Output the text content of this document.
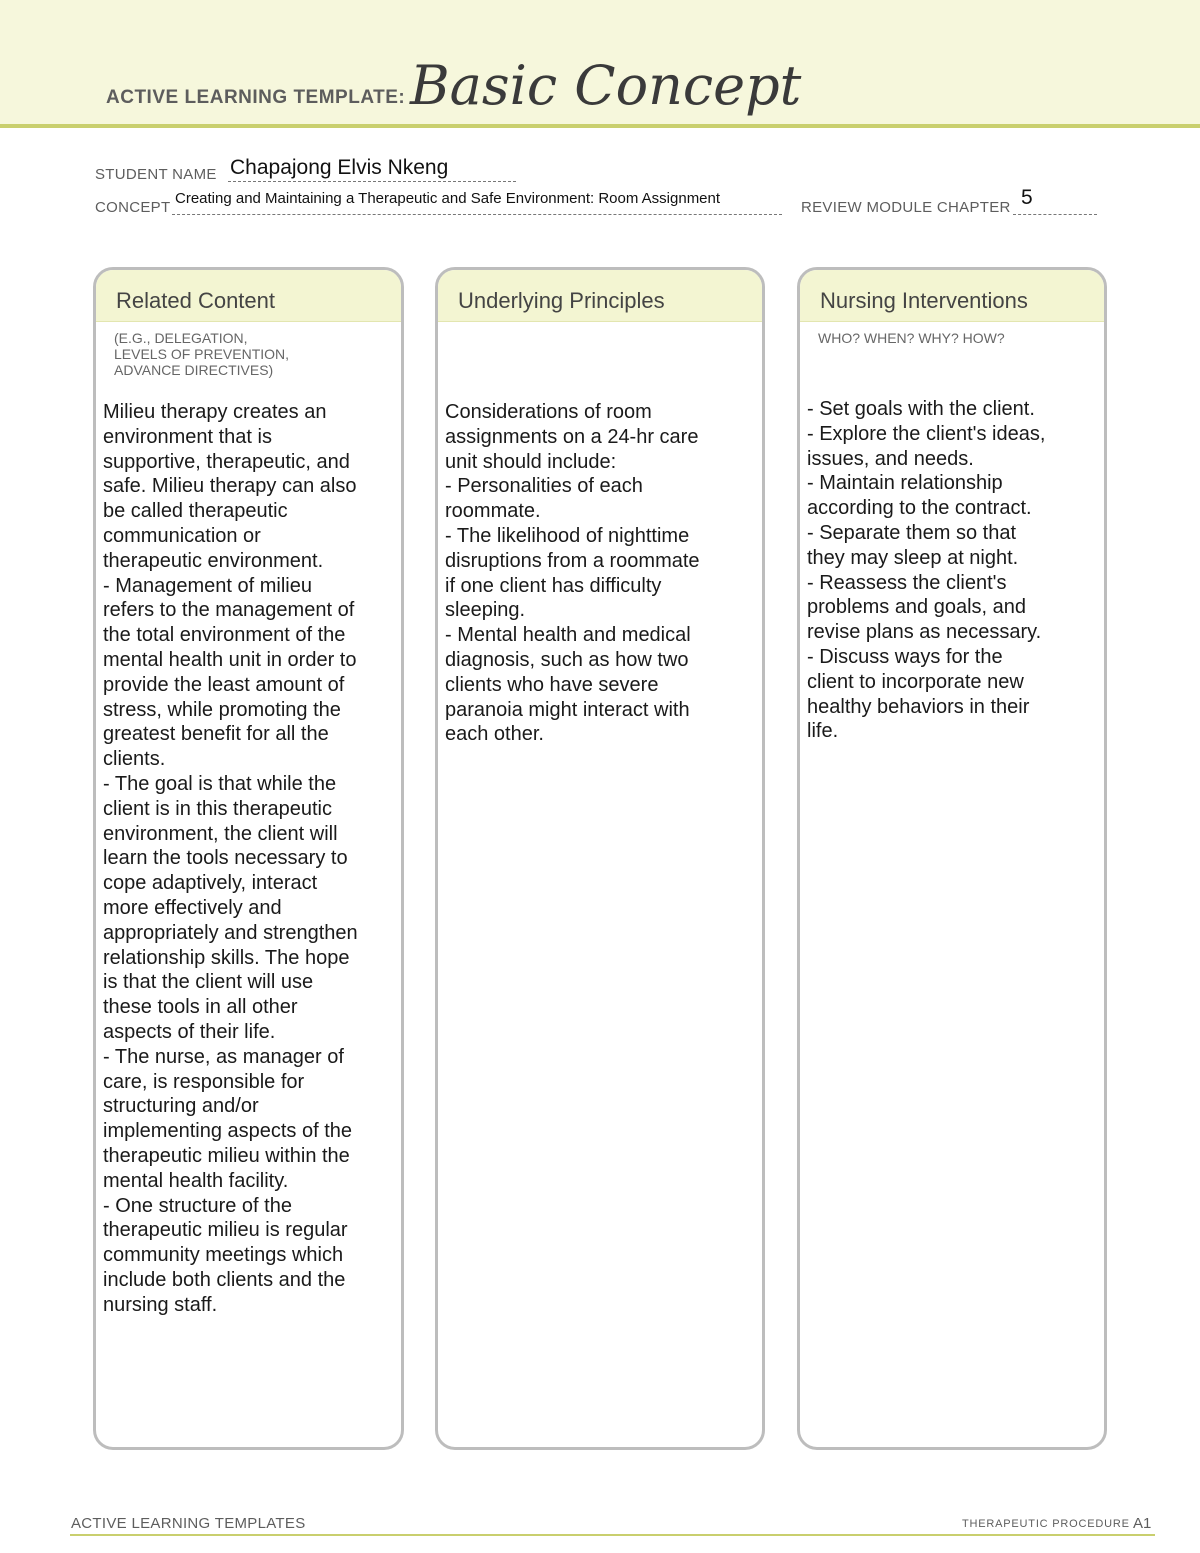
ACTIVE LEARNING TEMPLATE: Basic Concept
STUDENT NAME Chapajong Elvis Nkeng
CONCEPT
Creating and Maintaining a Therapeutic and Safe Environment: Room Assignment
REVIEW MODULE CHAPTER 5
Related Content
(E.G., DELEGATION,
LEVELS OF PREVENTION,
ADVANCE DIRECTIVES)
Milieu therapy creates an
environment that is
supportive, therapeutic, and
safe. Milieu therapy can also
be called therapeutic
communication or
therapeutic environment.
- Management of milieu
refers to the management of
the total environment of the
mental health unit in order to
provide the least amount of
stress, while promoting the
greatest benefit for all the
clients.
- The goal is that while the
client is in this therapeutic
environment, the client will
learn the tools necessary to
cope adaptively, interact
more effectively and
appropriately and strengthen
relationship skills. The hope
is that the client will use
these tools in all other
aspects of their life.
- The nurse, as manager of
care, is responsible for
structuring and/or
implementing aspects of the
therapeutic milieu within the
mental health facility.
- One structure of the
therapeutic milieu is regular
community meetings which
include both clients and the
nursing staff.
Underlying Principles
Considerations of room
assignments on a 24-hr care
unit should include:
- Personalities of each
roommate.
- The likelihood of nighttime
disruptions from a roommate
if one client has difficulty
sleeping.
- Mental health and medical
diagnosis, such as how two
clients who have severe
paranoia might interact with
each other.
Nursing Interventions
WHO? WHEN? WHY? HOW?
- Set goals with the client.
- Explore the client's ideas,
issues, and needs.
- Maintain relationship
according to the contract.
- Separate them so that
they may sleep at night.
- Reassess the client's
problems and goals, and
revise plans as necessary.
- Discuss ways for the
client to incorporate new
healthy behaviors in their
life.
ACTIVE LEARNING TEMPLATES	THERAPEUTIC PROCEDURE A1
